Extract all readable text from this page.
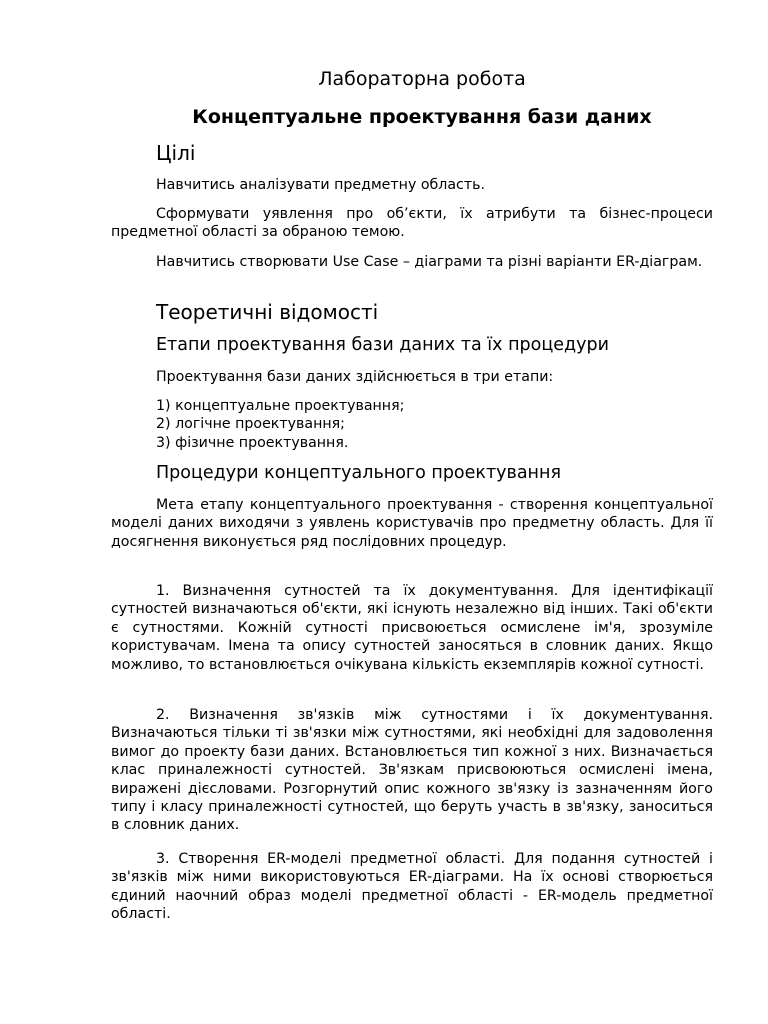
Лабораторна робота
Концептуальне проектування бази даних
Цілі

Навчитись аналізувати предметну область.

Сформувати уявлення про об’єкти, їх атрибути та бізнес-процеси предметної області за обраною темою.

Навчитись створювати Use Case – діаграми та різні варіанти ER-діаграм.

Теоретичні відомості
Етапи проектування бази даних та їх процедури
Проектування бази даних здійснюється в три етапи:
1) концептуальне проектування;
2) логічне проектування;
3) фізичне проектування.
Процедури концептуального проектування

Мета етапу концептуального проектування - створення концептуальної моделі даних виходячи з уявлень користувачів про предметну область. Для її досягнення виконується ряд послідовних процедур.

1. Визначення сутностей та їх документування. Для ідентифікації сутностей визначаються об'єкти, які існують незалежно від інших. Такі об'єкти є сутностями. Кожній сутності присвоюється осмислене ім'я, зрозуміле користувачам. Імена та опису сутностей заносяться в словник даних. Якщо можливо, то встановлюється очікувана кількість екземплярів кожної сутності.

2. Визначення зв'язків між сутностями і їх документування. Визначаються тільки ті зв'язки між сутностями, які необхідні для задоволення вимог до проекту бази даних. Встановлюється тип кожної з них. Визначається клас приналежності сутностей. Зв'язкам присвоюються осмислені імена, виражені дієсловами. Розгорнутий опис кожного зв'язку із зазначенням його типу і класу приналежності сутностей, що беруть участь в зв'язку, заноситься в словник даних.

3. Створення ER-моделі предметної області. Для подання сутностей і зв'язків між ними використовуються ER-діаграми. На їх основі створюється єдиний наочний образ моделі предметної області - ER-модель предметної області.
